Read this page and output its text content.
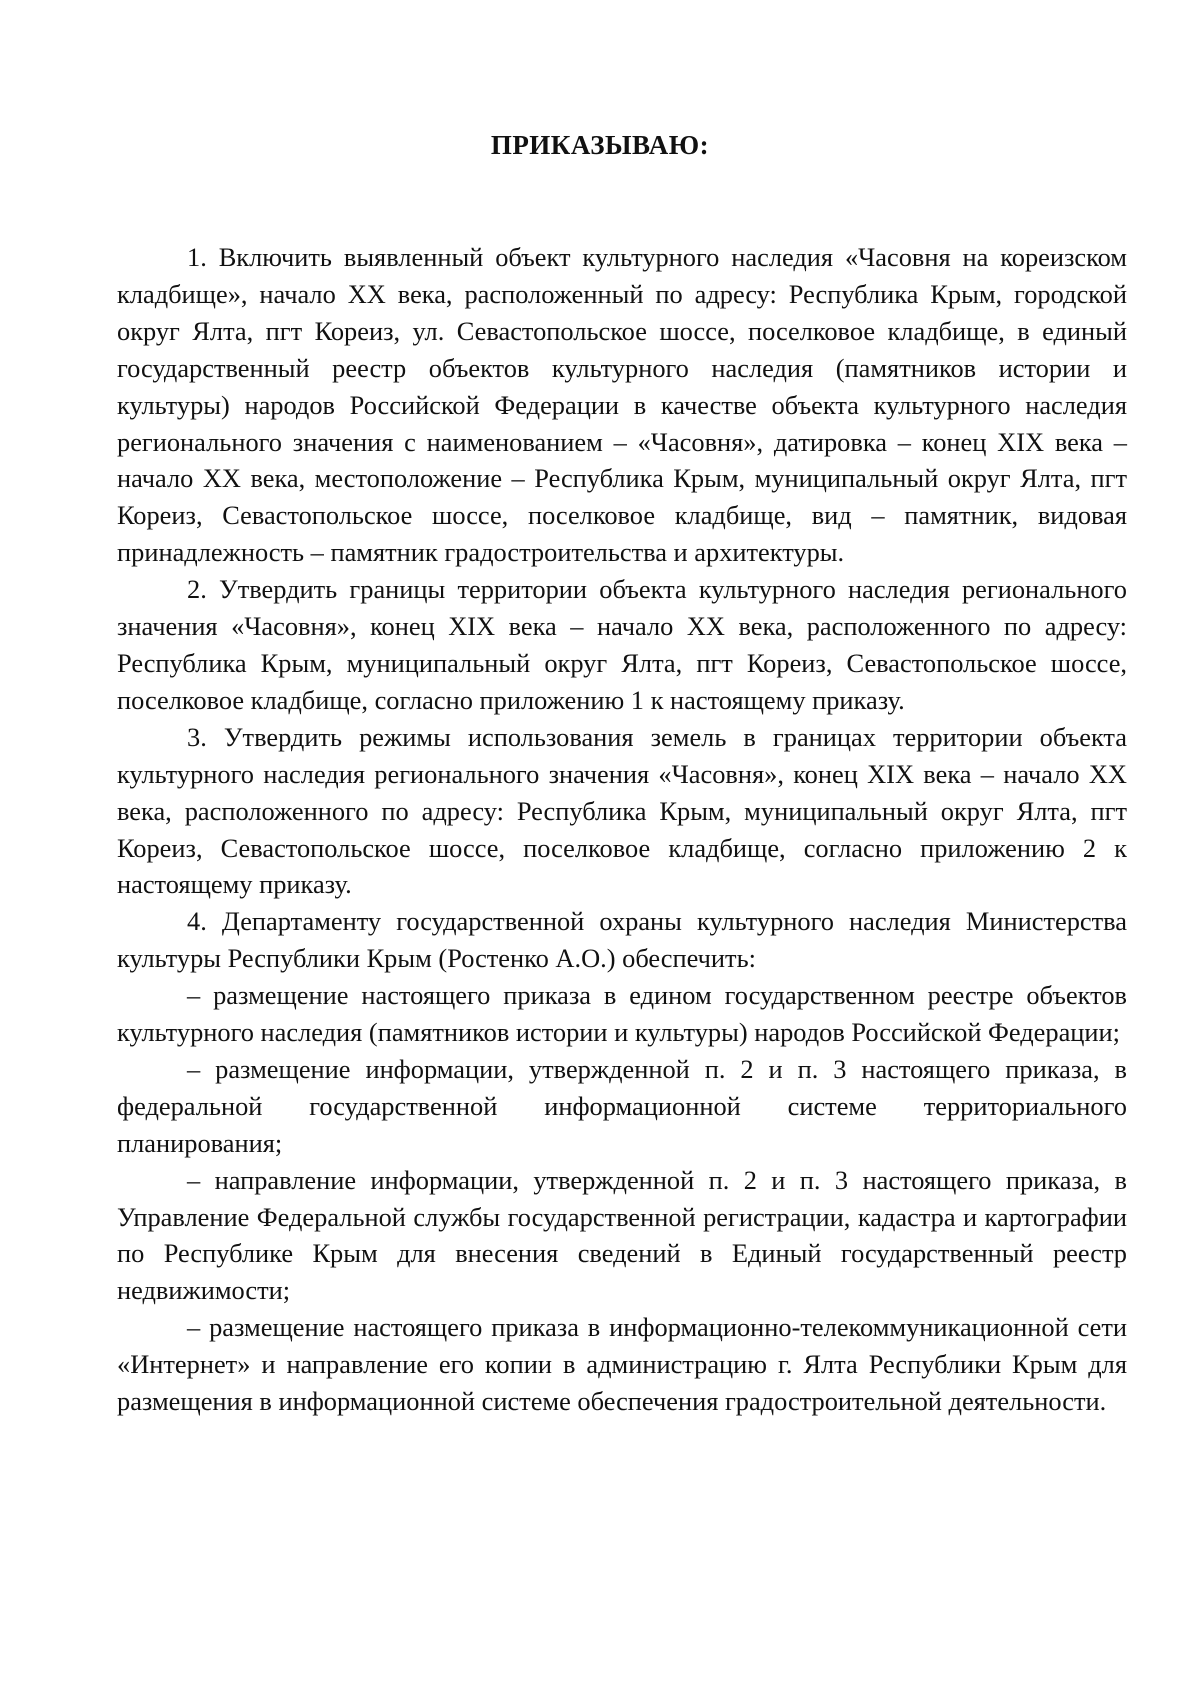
ПРИКАЗЫВАЮ:

1. Включить выявленный объект культурного наследия «Часовня на кореизском кладбище», начало XX века, расположенный по адресу: Республика Крым, городской округ Ялта, пгт Кореиз, ул. Севастопольское шоссе, поселковое кладбище, в единый государственный реестр объектов культурного наследия (памятников истории и культуры) народов Российской Федерации в качестве объекта культурного наследия регионального значения с наименованием – «Часовня», датировка – конец XIX века – начало XX века, местоположение – Республика Крым, муниципальный округ Ялта, пгт Кореиз, Севастопольское шоссе, поселковое кладбище, вид – памятник, видовая принадлежность – памятник градостроительства и архитектуры.

2. Утвердить границы территории объекта культурного наследия регионального значения «Часовня», конец XIX века – начало XX века, расположенного по адресу: Республика Крым, муниципальный округ Ялта, пгт Кореиз, Севастопольское шоссе, поселковое кладбище, согласно приложению 1 к настоящему приказу.

3. Утвердить режимы использования земель в границах территории объекта культурного наследия регионального значения «Часовня», конец XIX века – начало XX века, расположенного по адресу: Республика Крым, муниципальный округ Ялта, пгт Кореиз, Севастопольское шоссе, поселковое кладбище, согласно приложению 2 к настоящему приказу.

4. Департаменту государственной охраны культурного наследия Министерства культуры Республики Крым (Ростенко А.О.) обеспечить:

– размещение настоящего приказа в едином государственном реестре объектов культурного наследия (памятников истории и культуры) народов Российской Федерации;

– размещение информации, утвержденной п. 2 и п. 3 настоящего приказа, в федеральной государственной информационной системе территориального планирования;

– направление информации, утвержденной п. 2 и п. 3 настоящего приказа, в Управление Федеральной службы государственной регистрации, кадастра и картографии по Республике Крым для внесения сведений в Единый государственный реестр недвижимости;

– размещение настоящего приказа в информационно-телекоммуникационной сети «Интернет» и направление его копии в администрацию г. Ялта Республики Крым для размещения в информационной системе обеспечения градостроительной деятельности.
